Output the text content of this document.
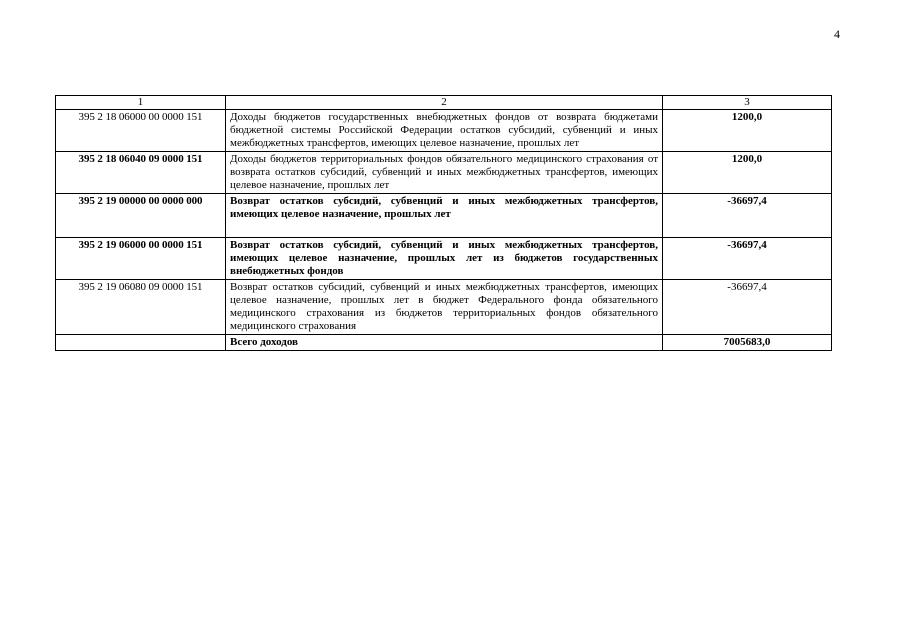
4
1	2	3
395 2 18 06000 00 0000 151	Доходы бюджетов государственных внебюджетных фондов от возврата бюджетами бюджетной системы Российской Федерации остатков субсидий, субвенций и иных межбюджетных трансфертов, имеющих целевое назначение, прошлых лет	1200,0
395 2 18 06040 09 0000 151	Доходы бюджетов территориальных фондов обязательного медицинского страхования от возврата остатков субсидий, субвенций и иных межбюджетных трансфертов, имеющих целевое назначение, прошлых лет	1200,0
395 2 19 00000 00 0000 000	Возврат остатков субсидий, субвенций и иных межбюджетных трансфертов, имеющих целевое назначение, прошлых лет	-36697,4
395 2 19 06000 00 0000 151	Возврат остатков субсидий, субвенций и иных межбюджетных трансфертов, имеющих целевое назначение, прошлых лет из бюджетов государственных внебюджетных фондов	-36697,4
395 2 19 06080 09 0000 151	Возврат остатков субсидий, субвенций и иных межбюджетных трансфертов, имеющих целевое назначение, прошлых лет в бюджет Федерального фонда обязательного медицинского страхования из бюджетов территориальных фондов обязательного медицинского страхования	-36697,4
	Всего доходов	7005683,0
